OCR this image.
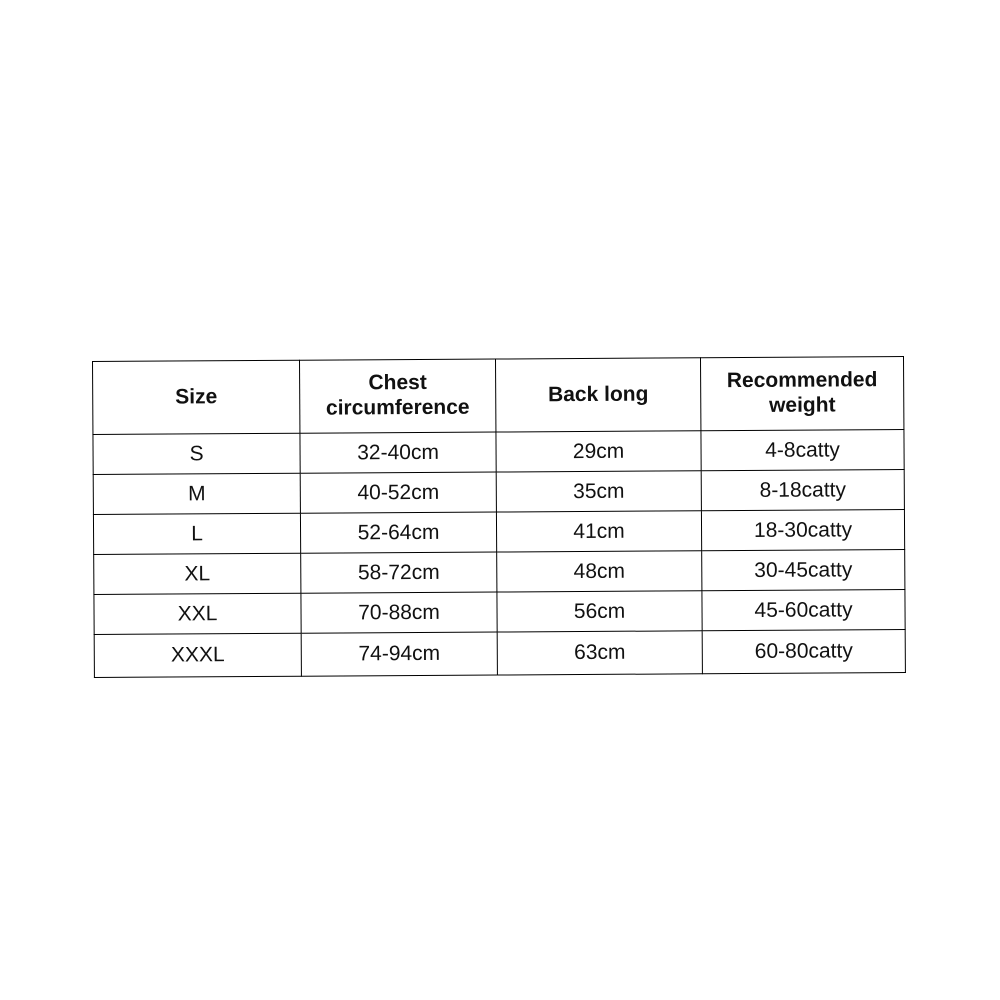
Size	Chest circumference	Back long	Recommended weight
S	32-40cm	29cm	4-8catty
M	40-52cm	35cm	8-18catty
L	52-64cm	41cm	18-30catty
XL	58-72cm	48cm	30-45catty
XXL	70-88cm	56cm	45-60catty
XXXL	74-94cm	63cm	60-80catty
